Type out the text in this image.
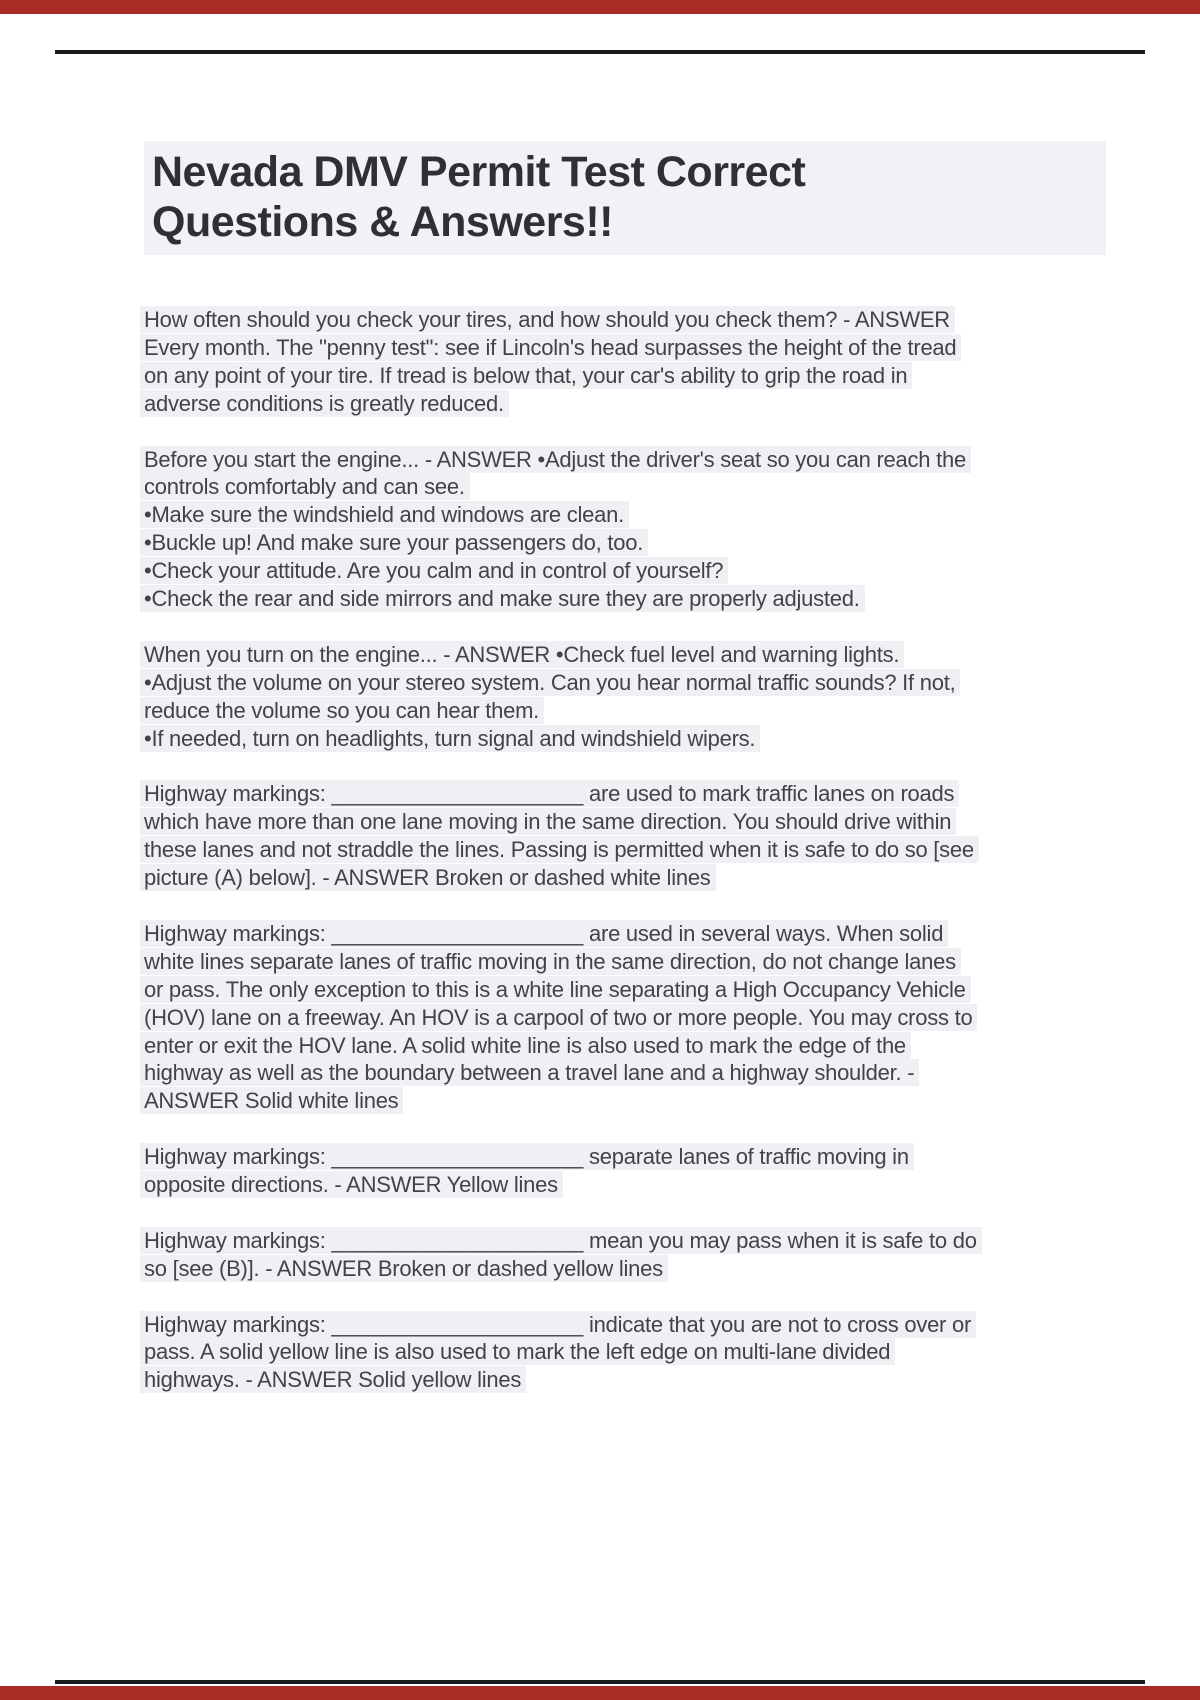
Nevada DMV Permit Test Correct
Questions & Answers!!
How often should you check your tires, and how should you check them? - ANSWER
Every month. The "penny test": see if Lincoln's head surpasses the height of the tread
on any point of your tire. If tread is below that, your car's ability to grip the road in
adverse conditions is greatly reduced.
Before you start the engine... - ANSWER •Adjust the driver's seat so you can reach the
controls comfortably and can see.
•Make sure the windshield and windows are clean.
•Buckle up! And make sure your passengers do, too.
•Check your attitude. Are you calm and in control of yourself?
•Check the rear and side mirrors and make sure they are properly adjusted.
When you turn on the engine... - ANSWER •Check fuel level and warning lights.
•Adjust the volume on your stereo system. Can you hear normal traffic sounds? If not,
reduce the volume so you can hear them.
•If needed, turn on headlights, turn signal and windshield wipers.
Highway markings: _____________________ are used to mark traffic lanes on roads
which have more than one lane moving in the same direction. You should drive within
these lanes and not straddle the lines. Passing is permitted when it is safe to do so [see
picture (A) below]. - ANSWER Broken or dashed white lines
Highway markings: _____________________ are used in several ways. When solid
white lines separate lanes of traffic moving in the same direction, do not change lanes
or pass. The only exception to this is a white line separating a High Occupancy Vehicle
(HOV) lane on a freeway. An HOV is a carpool of two or more people. You may cross to
enter or exit the HOV lane. A solid white line is also used to mark the edge of the
highway as well as the boundary between a travel lane and a highway shoulder. -
ANSWER Solid white lines
Highway markings: _____________________ separate lanes of traffic moving in
opposite directions. - ANSWER Yellow lines
Highway markings: _____________________ mean you may pass when it is safe to do
so [see (B)]. - ANSWER Broken or dashed yellow lines
Highway markings: _____________________ indicate that you are not to cross over or
pass. A solid yellow line is also used to mark the left edge on multi-lane divided
highways. - ANSWER Solid yellow lines
